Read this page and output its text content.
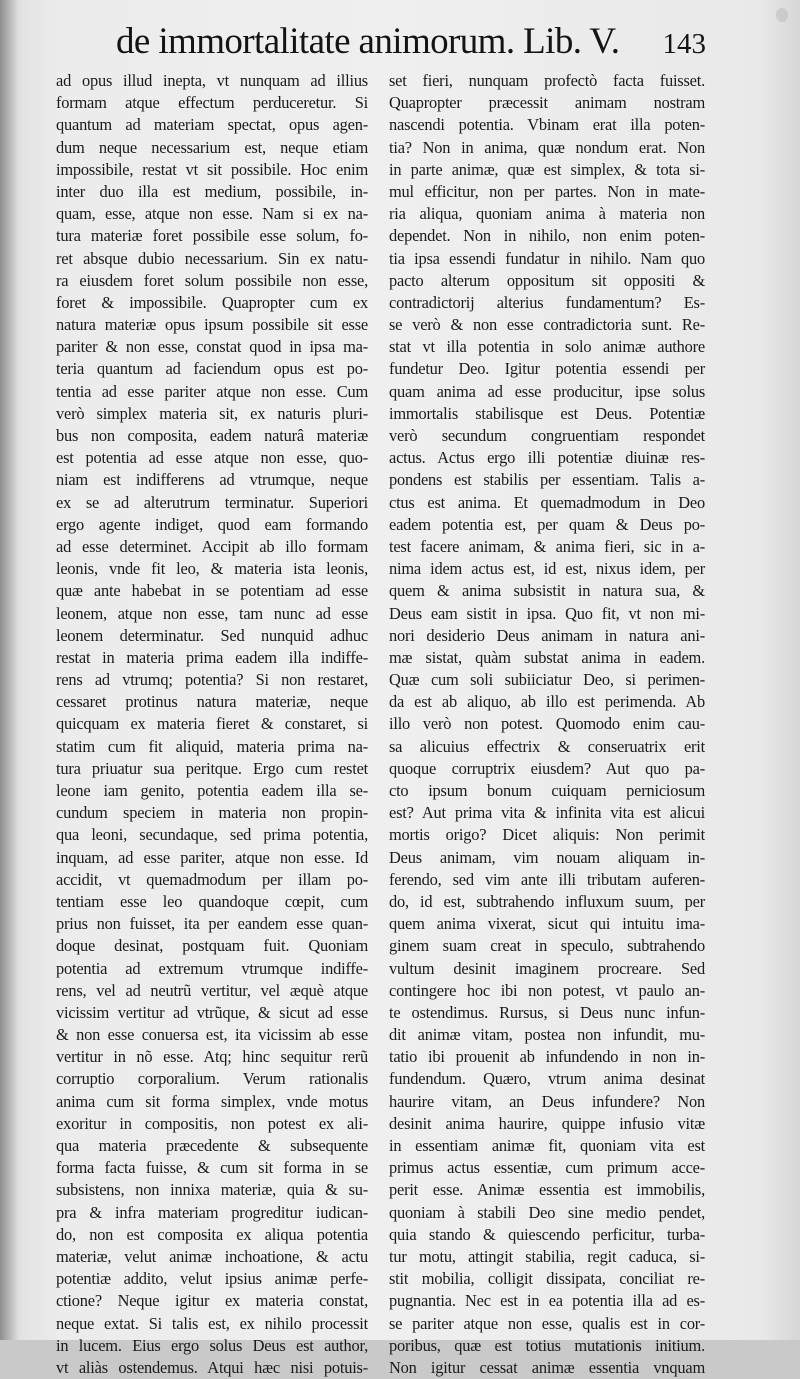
de immortalitate animorum. Lib. V. 143
ad opus illud inepta, vt nunquam ad illius
formam atque effectum perduceretur. Si
quantum ad materiam spectat, opus agen-
dum neque necessarium est, neque etiam
impossibile, restat vt sit possibile. Hoc enim
inter duo illa est medium, possibile, in-
quam, esse, atque non esse. Nam si ex na-
tura materiæ foret possibile esse solum, fo-
ret absque dubio necessarium. Sin ex natu-
ra eiusdem foret solum possibile non esse,
foret & impossibile. Quapropter cum ex
natura materiæ opus ipsum possibile sit esse
pariter & non esse, constat quod in ipsa ma-
teria quantum ad faciendum opus est po-
tentia ad esse pariter atque non esse. Cum
verò simplex materia sit, ex naturis pluri-
bus non composita, eadem naturâ materiæ
est potentia ad esse atque non esse, quo-
niam est indifferens ad vtrumque, neque
ex se ad alterutrum terminatur. Superiori
ergo agente indiget, quod eam formando
ad esse determinet. Accipit ab illo formam
leonis, vnde fit leo, & materia ista leonis,
quæ ante habebat in se potentiam ad esse
leonem, atque non esse, tam nunc ad esse
leonem determinatur. Sed nunquid adhuc
restat in materia prima eadem illa indiffe-
rens ad vtrumq; potentia? Si non restaret,
cessaret protinus natura materiæ, neque
quicquam ex materia fieret & constaret, si
statim cum fit aliquid, materia prima na-
tura priuatur sua peritque. Ergo cum restet
leone iam genito, potentia eadem illa se-
cundum speciem in materia non propin-
qua leoni, secundaque, sed prima potentia,
inquam, ad esse pariter, atque non esse. Id
accidit, vt quemadmodum per illam po-
tentiam esse leo quandoque cœpit, cum
prius non fuisset, ita per eandem esse quan-
doque desinat, postquam fuit. Quoniam
potentia ad extremum vtrumque indiffe-
rens, vel ad neutrũ vertitur, vel æquè atque
vicissim vertitur ad vtrũque, & sicut ad esse
& non esse conuersa est, ita vicissim ab esse
vertitur in nõ esse. Atq; hinc sequitur rerũ
corruptio corporalium. Verum rationalis
anima cum sit forma simplex, vnde motus
exoritur in compositis, non potest ex ali-
qua materia præcedente & subsequente
forma facta fuisse, & cum sit forma in se
subsistens, non innixa materiæ, quia & su-
pra & infra materiam progreditur iudican-
do, non est composita ex aliqua potentia
materiæ, velut animæ inchoatione, & actu
potentiæ addito, velut ipsius animæ perfe-
ctione? Neque igitur ex materia constat,
neque extat. Si talis est, ex nihilo processit
in lucem. Eius ergo solus Deus est author,
vt aliàs ostendemus. Atqui hæc nisi potuis-
set fieri, nunquam profectò facta fuisset.
Quapropter præcessit animam nostram
nascendi potentia. Vbinam erat illa poten-
tia? Non in anima, quæ nondum erat. Non
in parte animæ, quæ est simplex, & tota si-
mul efficitur, non per partes. Non in mate-
ria aliqua, quoniam anima à materia non
dependet. Non in nihilo, non enim poten-
tia ipsa essendi fundatur in nihilo. Nam quo
pacto alterum oppositum sit oppositi &
contradictorij alterius fundamentum? Es-
se verò & non esse contradictoria sunt. Re-
stat vt illa potentia in solo animæ authore
fundetur Deo. Igitur potentia essendi per
quam anima ad esse producitur, ipse solus
immortalis stabilisque est Deus. Potentiæ
verò secundum congruentiam respondet
actus. Actus ergo illi potentiæ diuinæ res-
pondens est stabilis per essentiam. Talis a-
ctus est anima. Et quemadmodum in Deo
eadem potentia est, per quam & Deus po-
test facere animam, & anima fieri, sic in a-
nima idem actus est, id est, nixus idem, per
quem & anima subsistit in natura sua, &
Deus eam sistit in ipsa. Quo fit, vt non mi-
nori desiderio Deus animam in natura ani-
mæ sistat, quàm substat anima in eadem.
Quæ cum soli subiiciatur Deo, si perimen-
da est ab aliquo, ab illo est perimenda. Ab
illo verò non potest. Quomodo enim cau-
sa alicuius effectrix & conseruatrix erit
quoque corruptrix eiusdem? Aut quo pa-
cto ipsum bonum cuiquam perniciosum
est? Aut prima vita & infinita vita est alicui
mortis origo? Dicet aliquis: Non perimit
Deus animam, vim nouam aliquam in-
ferendo, sed vim ante illi tributam auferen-
do, id est, subtrahendo influxum suum, per
quem anima vixerat, sicut qui intuitu ima-
ginem suam creat in speculo, subtrahendo
vultum desinit imaginem procreare. Sed
contingere hoc ibi non potest, vt paulo an-
te ostendimus. Rursus, si Deus nunc infun-
dit animæ vitam, postea non infundit, mu-
tatio ibi prouenit ab infundendo in non in-
fundendum. Quæro, vtrum anima desinat
haurire vitam, an Deus infundere? Non
desinit anima haurire, quippe infusio vitæ
in essentiam animæ fit, quoniam vita est
primus actus essentiæ, cum primum acce-
perit esse. Animæ essentia est immobilis,
quoniam à stabili Deo sine medio pendet,
quia stando & quiescendo perficitur, turba-
tur motu, attingit stabilia, regit caduca, si-
stit mobilia, colligit dissipata, conciliat re-
pugnantia. Nec est in ea potentia illa ad es-
se pariter atque non esse, qualis est in cor-
poribus, quæ est totius mutationis initium.
Non igitur cessat animæ essentia vnquam
